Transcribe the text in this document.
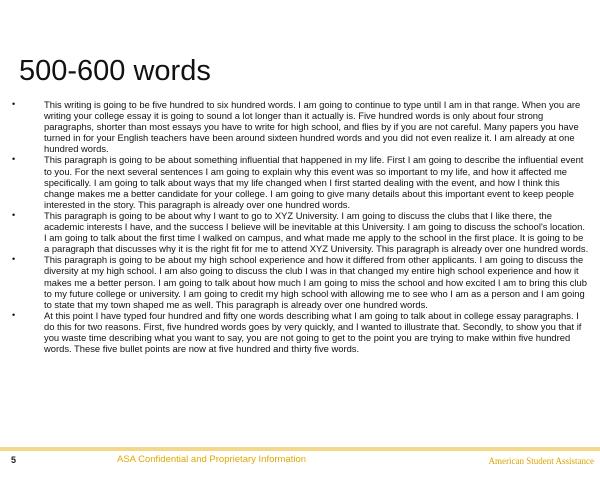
500-600 words
•	This writing is going to be five hundred to six hundred words. I am going to continue to type until I am in that range. When you are writing your college essay it is going to sound a lot longer than it actually is. Five hundred words is only about four strong paragraphs, shorter than most essays you have to write for high school, and flies by if you are not careful. Many papers you have turned in for your English teachers have been around sixteen hundred words and you did not even realize it. I am already at one hundred words.
•	This paragraph is going to be about something influential that happened in my life. First I am going to describe the influential event to you. For the next several sentences I am going to explain why this event was so important to my life, and how it affected me specifically. I am going to talk about ways that my life changed when I first started dealing with the event, and how I think this change makes me a better candidate for your college. I am going to give many details about this important event to keep people interested in the story. This paragraph is already over one hundred words.
•	This paragraph is going to be about why I want to go to XYZ University. I am going to discuss the clubs that I like there, the academic interests I have, and the success I believe will be inevitable at this University. I am going to discuss the school's location. I am going to talk about the first time I walked on campus, and what made me apply to the school in the first place. It is going to be a paragraph that discusses why it is the right fit for me to attend XYZ University. This paragraph is already over one hundred words.
•	This paragraph is going to be about my high school experience and how it differed from other applicants. I am going to discuss the diversity at my high school. I am also going to discuss the club I was in that changed my entire high school experience and how it makes me a better person. I am going to talk about how much I am going to miss the school and how excited I am to bring this club to my future college or university. I am going to credit my high school with allowing me to see who I am as a person and I am going to state that my town shaped me as well. This paragraph is already over one hundred words.
•	At this point I have typed four hundred and fifty one words describing what I am going to talk about in college essay paragraphs. I do this for two reasons. First, five hundred words goes by very quickly, and I wanted to illustrate that. Secondly, to show you that if you waste time describing what you want to say, you are not going to get to the point you are trying to make within five hundred words. These five bullet points are now at five hundred and thirty five words.
5	ASA Confidential and Proprietary Information	American Student Assistance
